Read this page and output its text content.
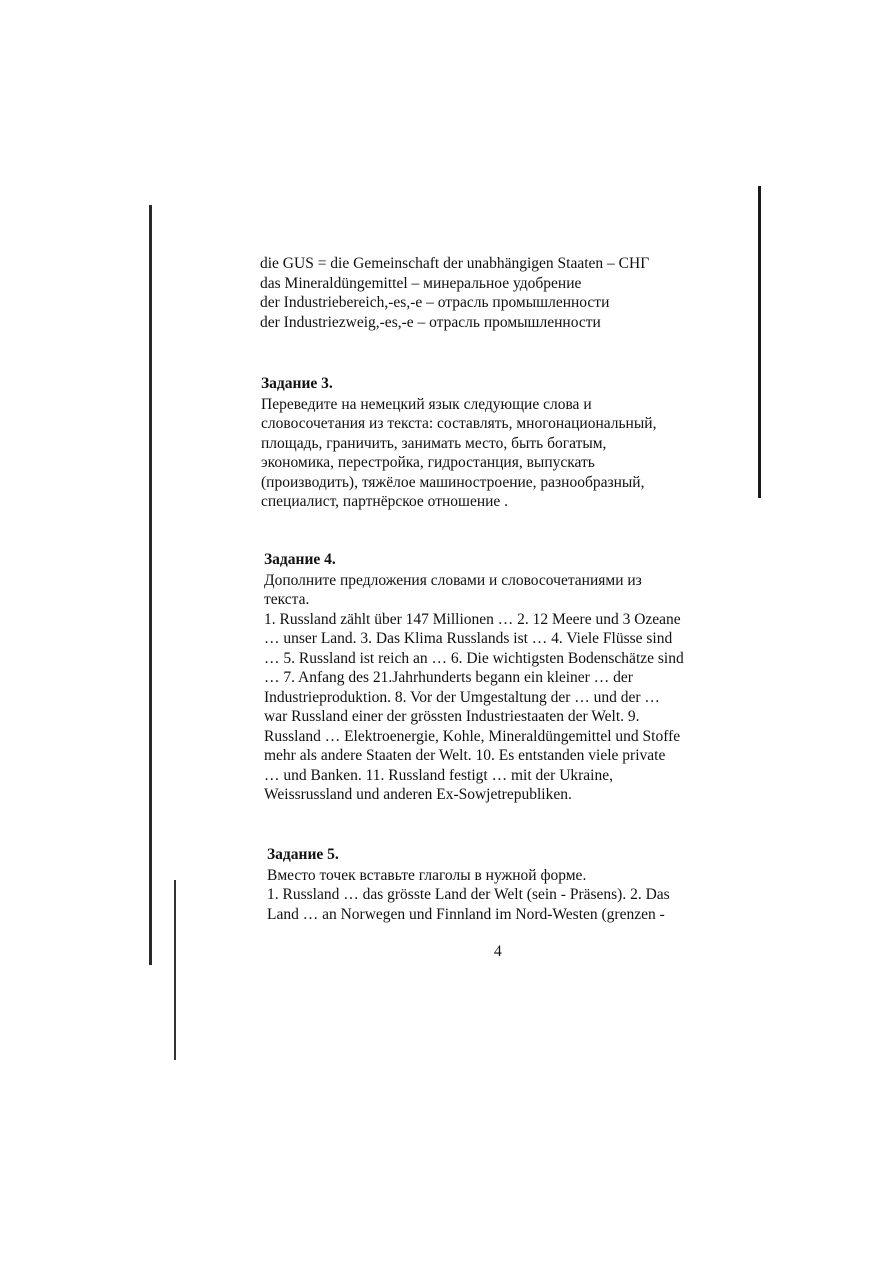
die GUS = die Gemeinschaft der unabhängigen Staaten – СНГ
das Mineraldüngemittel – минеральное удобрение
der Industriebereich,-es,-e – отрасль промышленности
der Industriezweig,-es,-e – отрасль промышленности
Задание 3.
Переведите на немецкий язык следующие слова и
словосочетания из текста: составлять, многонациональный,
площадь, граничить, занимать место, быть богатым,
экономика, перестройка, гидростанция, выпускать
(производить), тяжёлое машиностроение, разнообразный,
специалист, партнёрское отношение .
Задание 4.
Дополните предложения словами и словосочетаниями из
текста.
1. Russland zählt über 147 Millionen … 2. 12 Meere und 3 Ozeane
… unser Land. 3. Das Klima Russlands ist … 4. Viele Flüsse sind
… 5. Russland ist reich an … 6. Die wichtigsten Bodenschätze sind
… 7. Anfang des 21.Jahrhunderts begann ein kleiner … der
Industrieproduktion. 8. Vor der Umgestaltung der … und der …
war Russland einer der grössten Industriestaaten der Welt. 9.
Russland … Elektroenergie, Kohle, Mineraldüngemittel und Stoffe
mehr als andere Staaten der Welt. 10. Es entstanden viele private
… und Banken. 11. Russland festigt … mit der Ukraine,
Weissrussland und anderen Ex-Sowjetrepubliken.
Задание 5.
Вместо точек вставьте глаголы в нужной форме.
1. Russland … das grösste Land der Welt (sein - Präsens). 2. Das
Land … an Norwegen und Finnland im Nord-Westen (grenzen -
4
